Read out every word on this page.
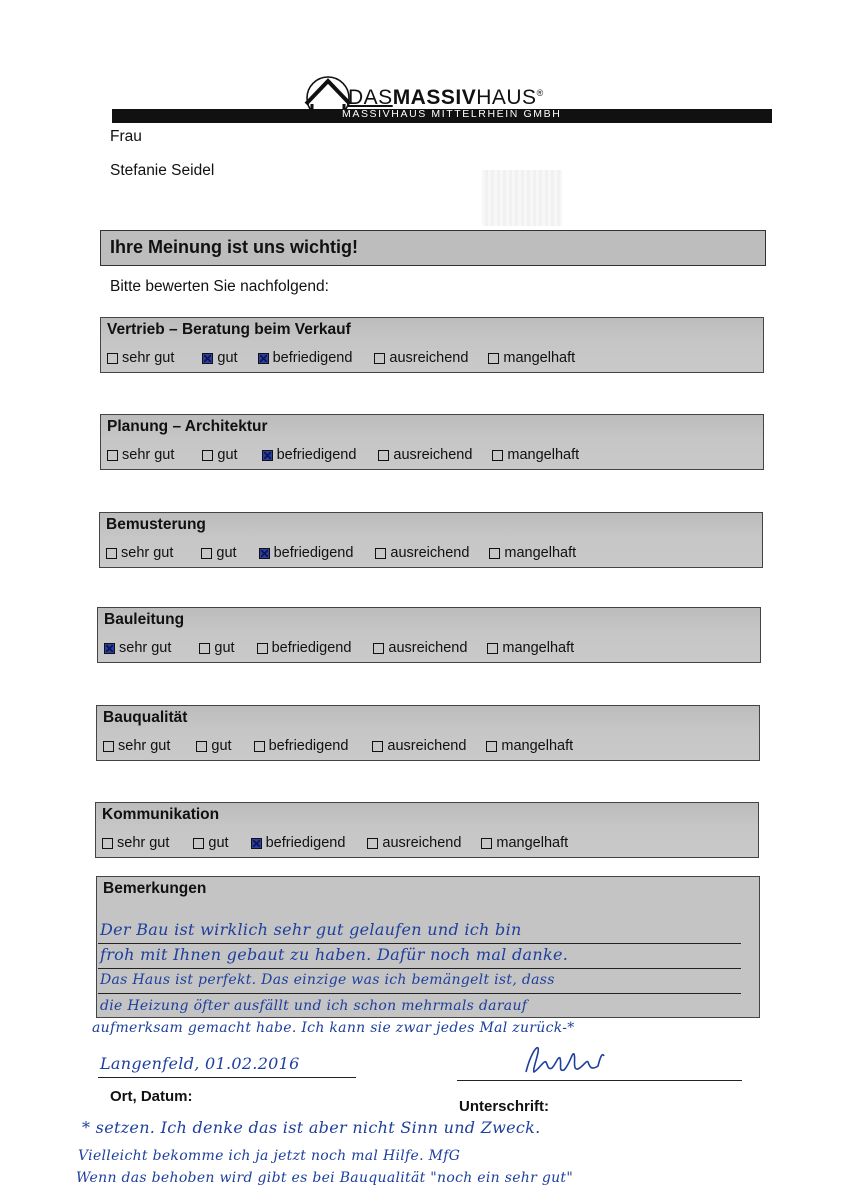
DASMASSIVHAUS®
MASSIVHAUS MITTELRHEIN GMBH
Frau
Stefanie Seidel
Ihre Meinung ist uns wichtig!
Bitte bewerten Sie nachfolgend:
Vertrieb – Beratung beim Verkauf
sehr gut	gut befriedigend	ausreichend mangelhaft
Planung – Architektur
sehr gut	gut	befriedigend	ausreichend mangelhaft
Bemusterung
sehr gut	gut	befriedigend	ausreichend mangelhaft
Bauleitung
sehr gut	gut	befriedigend	ausreichend mangelhaft
Bauqualität
sehr gut	gut	befriedigend	ausreichend mangelhaft
Kommunikation
sehr gut	gut	befriedigend	ausreichend mangelhaft
Bemerkungen
Der Bau ist wirklich sehr gut gelaufen und ich bin
froh mit Ihnen gebaut zu haben. Dafür noch mal danke.
Das Haus ist perfekt. Das einzige was ich bemängelt ist, dass
die Heizung öfter ausfällt und ich schon mehrmals darauf
aufmerksam gemacht habe. Ich kann sie zwar jedes Mal zurück-*
Langenfeld, 01.02.2016
Ort, Datum:
Unterschrift:
* setzen. Ich denke das ist aber nicht Sinn und Zweck.
Vielleicht bekomme ich ja jetzt noch mal Hilfe. MfG
Wenn das behoben wird gibt es bei Bauqualität "noch ein sehr gut"
